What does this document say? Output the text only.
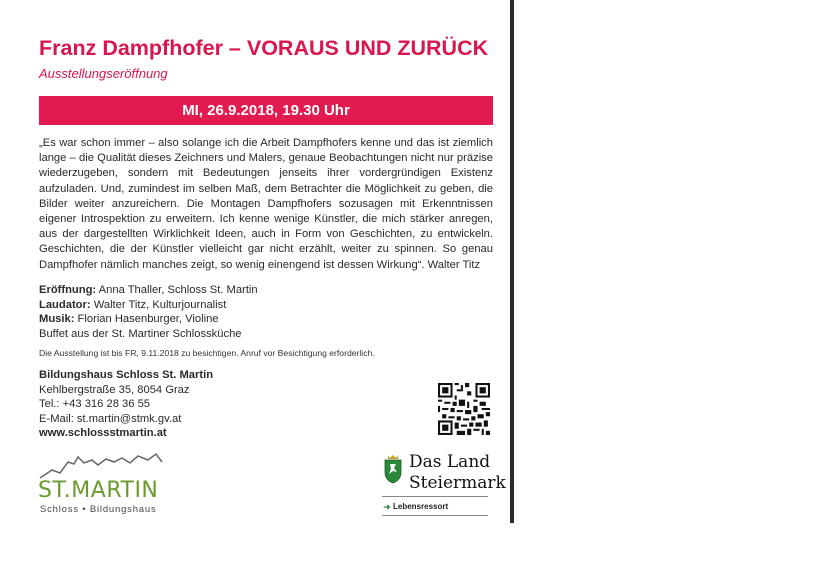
Franz Dampfhofer – VORAUS UND ZURÜCK
Ausstellungseröffnung
MI, 26.9.2018, 19.30 Uhr
„Es war schon immer – also solange ich die Arbeit Dampfhofers kenne und das ist ziemlich lange – die Qualität dieses Zeichners und Malers, genaue Beobachtungen nicht nur präzise wiederzugeben, sondern mit Bedeutungen jenseits ihrer vordergründigen Existenz aufzuladen. Und, zumindest im selben Maß, dem Betrachter die Möglichkeit zu geben, die Bilder weiter anzureichern. Die Montagen Dampfhofers sozusagen mit Erkenntnissen eigener Introspektion zu erweitern. Ich kenne wenige Künstler, die mich stärker anregen, aus der dargestellten Wirklichkeit Ideen, auch in Form von Geschichten, zu entwickeln. Geschichten, die der Künstler vielleicht gar nicht erzählt, weiter zu spinnen. So genau Dampfhofer nämlich manches zeigt, so wenig einengend ist dessen Wirkung“. Walter Titz
Eröffnung: Anna Thaller, Schloss St. Martin
Laudator: Walter Titz, Kulturjournalist
Musik: Florian Hasenburger, Violine
Buffet aus der St. Martiner Schlossküche
Die Ausstellung ist bis FR, 9.11.2018 zu besichtigen. Anruf vor Besichtigung erforderlich.
Bildungshaus Schloss St. Martin
Kehlbergstraße 35, 8054 Graz
Tel.: +43 316 28 36 55
E-Mail: st.martin@stmk.gv.at
www.schlossstmartin.at
ST.MARTIN
Schloss • Bildungshaus
Das Land
Steiermark
➜ Lebensressort
